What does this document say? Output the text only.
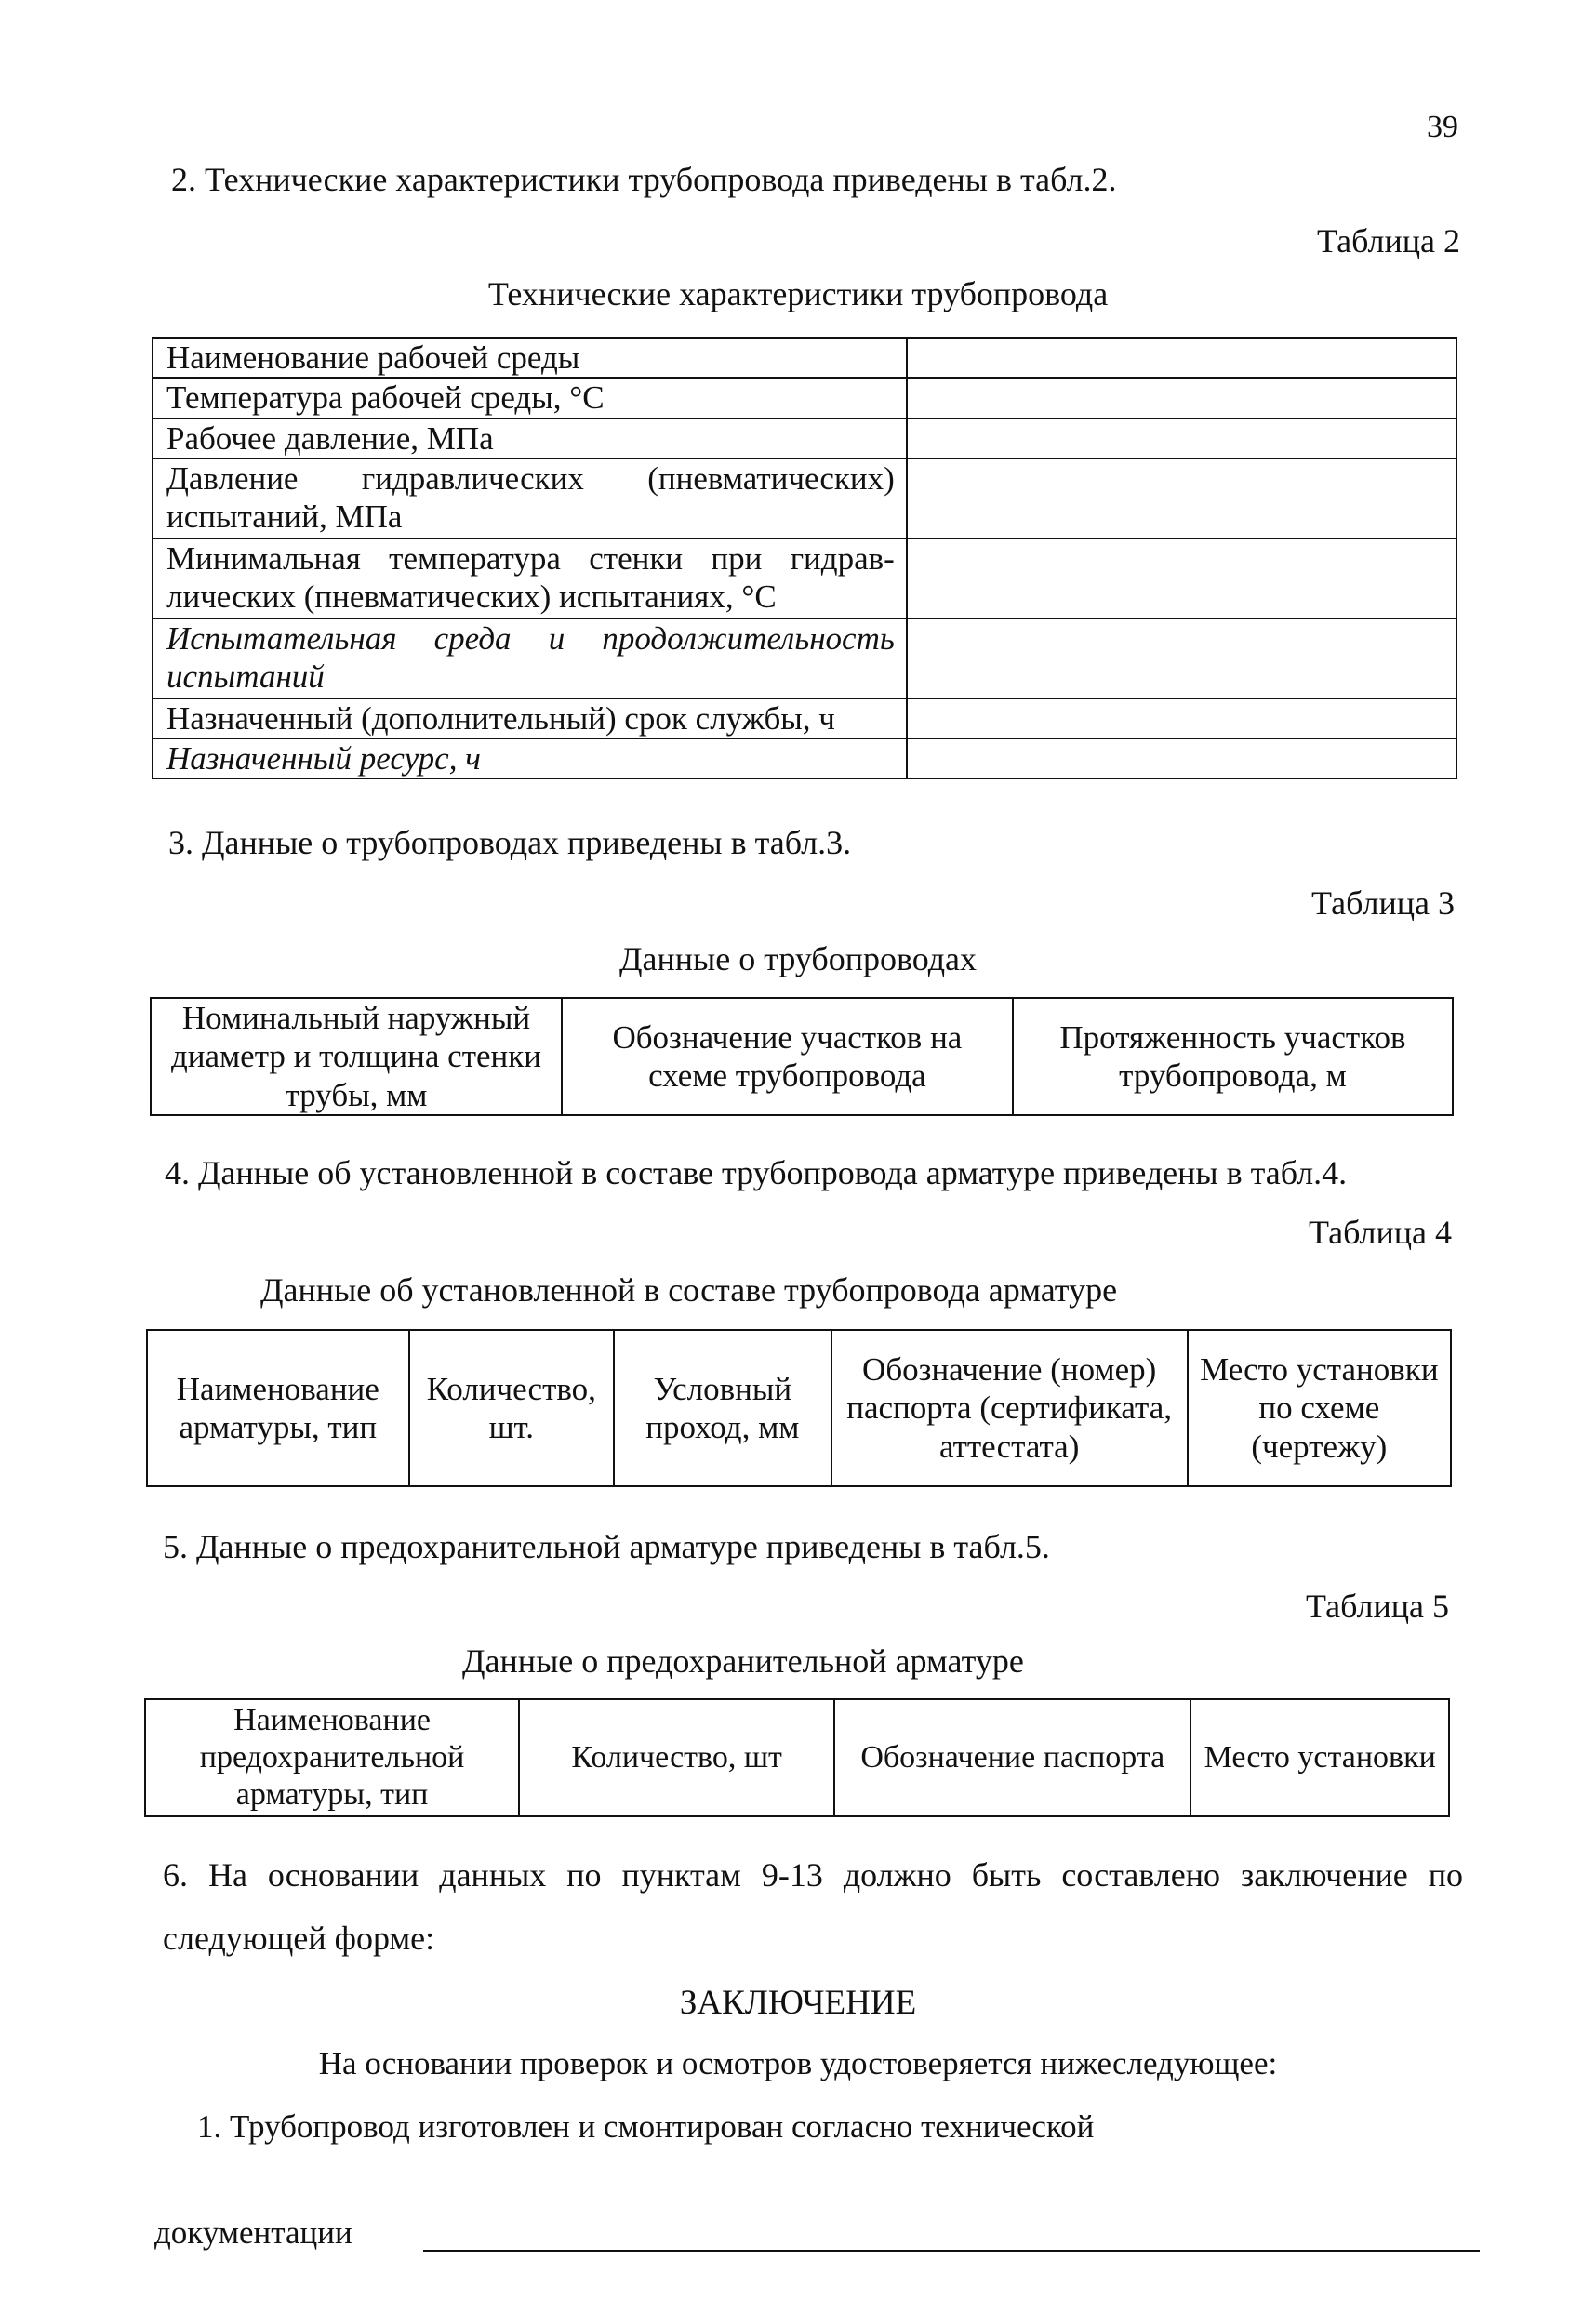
39
2. Технические характеристики трубопровода приведены в табл.2.
Таблица 2
Технические характеристики трубопровода
Наименование рабочей среды	
Температура рабочей среды, °С	
Рабочее давление, МПа	
Давление гидравлических (пневматических) испытаний, МПа	
Минимальная температура стенки при гидрав-лических (пневматических) испытаниях, °С	
Испытательная среда и продолжительность испытаний	
Назначенный (дополнительный) срок службы, ч	
Назначенный ресурс, ч	
3. Данные о трубопроводах приведены в табл.3.
Таблица 3
Данные о трубопроводах
Номинальный наружный диаметр и толщина стенки трубы, мм	Обозначение участков на схеме трубопровода	Протяженность участков трубопровода, м
4. Данные об установленной в составе трубопровода арматуре приведены в табл.4.
Таблица 4
Данные об установленной в составе трубопровода арматуре
Наименование арматуры, тип	Количество, шт.	Условный проход, мм	Обозначение (номер) паспорта (сертификата, аттестата)	Место установки по схеме (чертежу)
5. Данные о предохранительной арматуре приведены в табл.5.
Таблица 5
Данные о предохранительной арматуре
Наименование предохранительной арматуры, тип	Количество, шт	Обозначение паспорта	Место установки
6. На основании данных по пунктам 9-13 должно быть составлено заключение по
следующей форме:
ЗАКЛЮЧЕНИЕ
На основании проверок и осмотров удостоверяется нижеследующее:
1. Трубопровод изготовлен и смонтирован согласно технической
документации
